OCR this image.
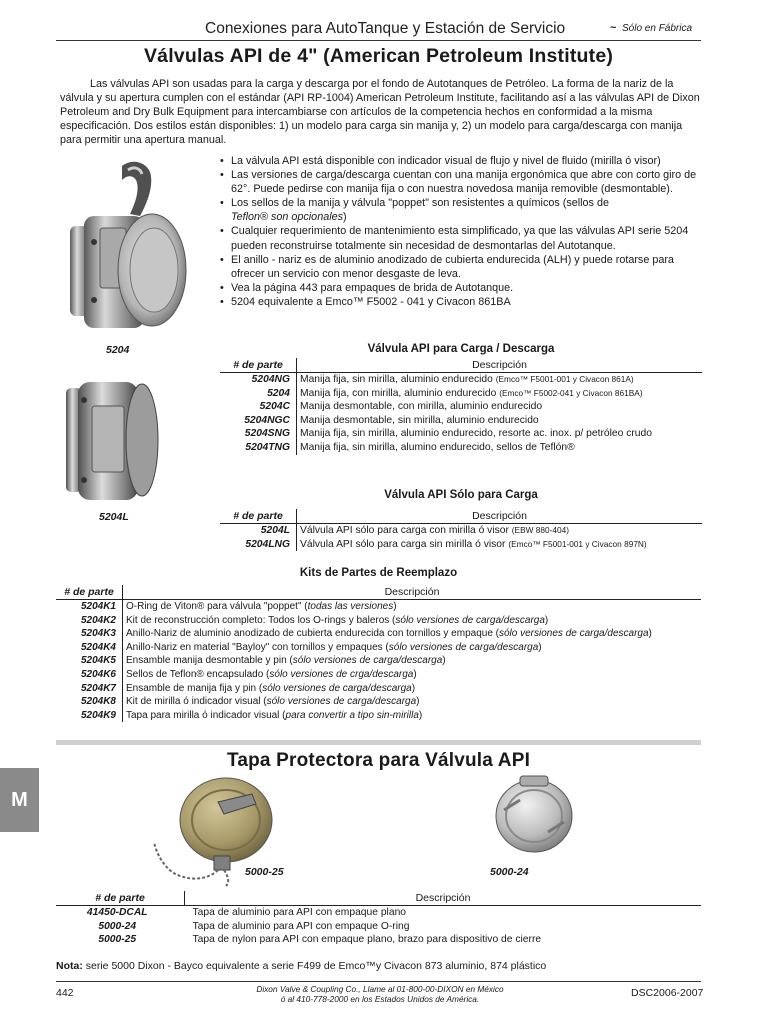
Conexiones para AutoTanque y Estación de Servicio	~ Sólo en Fábrica
Válvulas API de 4" (American Petroleum Institute)

Las válvulas API son usadas para la carga y descarga por el fondo de Autotanques de Petróleo. La forma de la nariz de la válvula y su apertura cumplen con el estándar (API RP-1004) American Petroleum Institute, facilitando así a las válvulas API de Dixon Petroleum and Dry Bulk Equipment para intercambiarse con artículos de la competencia hechos en conformidad a la misma especificación. Dos estilos están disponibles: 1) un modelo para carga sin manija y, 2) un modelo para carga/descarga con manija para permitir una apertura manual.

5204
5204L
• La válvula API está disponible con indicador visual de flujo y nivel de fluido (mirilla ó visor)
• Las versiones de carga/descarga cuentan con una manija ergonómica que abre con corto giro de 62°. Puede pedirse con manija fija o con nuestra novedosa manija removible (desmontable).
• Los sellos de la manija y válvula "poppet" son resistentes a químicos (sellos de
Teflon® son opcionales)
• Cualquier requerimiento de mantenimiento esta simplificado, ya que las válvulas API serie 5204 pueden reconstruirse totalmente sin necesidad de desmontarlas del Autotanque.
• El anillo - nariz es de aluminio anodizado de cubierta endurecida (ALH) y puede rotarse para ofrecer un servicio con menor desgaste de leva.
• Vea la página 443 para empaques de brida de Autotanque.
• 5204 equivalente a Emco™ F5002 - 041 y Civacon 861BA
Válvula API para Carga / Descarga
# de parte	Descripción
5204NG	Manija fija, sin mirilla, aluminio endurecido (Emco™ F5001-001 y Civacon 861A)
5204	Manija fija, con mirilla, aluminio endurecido (Emco™ F5002-041 y Civacon 861BA)
5204C	Manija desmontable, con mirilla, aluminio endurecido
5204NGC	Manija desmontable, sin mirilla, aluminio endurecido
5204SNG	Manija fija, sin mirilla, aluminio endurecido, resorte ac. inox. p/ petróleo crudo
5204TNG	Manija fija, sin mirilla, alumino endurecido, sellos de Teflón®
Válvula API Sólo para Carga
# de parte	Descripción
5204L	Válvula API sólo para carga con mirilla ó visor (EBW 880-404)
5204LNG	Válvula API sólo para carga sin mirilla ó visor (Emco™ F5001-001 y Civacon 897N)
Kits de Partes de Reemplazo
# de parte	Descripción
5204K1	O-Ring de Viton® para válvula "poppet" (todas las versiones)
5204K2	Kit de reconstrucción completo: Todos los O-rings y baleros (sólo versiones de carga/descarga)
5204K3	Anillo-Nariz de aluminio anodizado de cubierta endurecida con tornillos y empaque (sólo versiones de carga/descarga)
5204K4	Anillo-Nariz en material "Bayloy" con tornillos y empaques (sólo versiones de carga/descarga)
5204K5	Ensamble manija desmontable y pin (sólo versiones de carga/descarga)
5204K6	Sellos de Teflon® encapsulado (sólo versiones de crga/descarga)
5204K7	Ensamble de manija fija y pin (sólo versiones de carga/descarga)
5204K8	Kit de mirilla ó indicador visual (sólo versiones de carga/descarga)
5204K9	Tapa para mirilla ó indicador visual (para convertir a tipo sin-mirilla)
Tapa Protectora para Válvula API
5000-25	5000-24
# de parte	Descripción
41450-DCAL	Tapa de aluminio para API con empaque plano
5000-24	Tapa de aluminio para API con empaque O-ring
5000-25	Tapa de nylon para API con empaque plano, brazo para dispositivo de cierre
Nota: serie 5000 Dixon - Bayco equivalente a serie F499 de Emco™y Civacon 873 aluminio, 874 plástico
M
442	Dixon Valve & Coupling Co., Llame al 01-800-00-DIXON en México
ó al 410-778-2000 en los Estados Unidos de América.	DSC2006-2007
